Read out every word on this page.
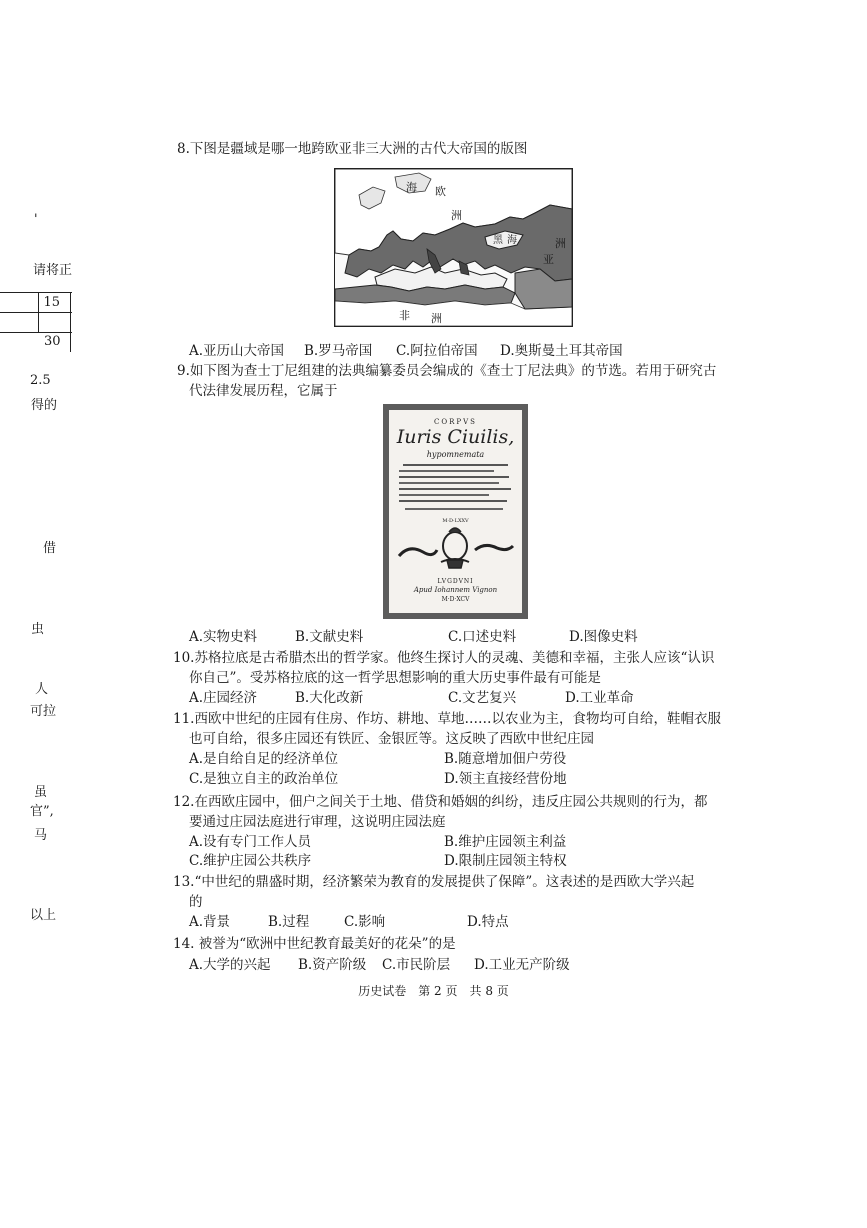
'
请将正
15
30
2.5
得的
借
虫
人
可拉
虽
官”,
马
以上
8.下图是疆域是哪一地跨欧亚非三大洲的古代大帝国的版图
海 欧
洲
黑 海
亚
洲
非 洲
A.亚历山大帝国 B.罗马帝国 C.阿拉伯帝国 D.奥斯曼土耳其帝国
9.如下图为查士丁尼组建的法典编纂委员会编成的《查士丁尼法典》的节选。若用于研究古
代法律发展历程，它属于
CORPVS
Iuris Ciuilis,
hypomnemata
M·D·LXXV
LVGDVNI
Apud Iohannem Vignon
M·D·XCV
A.实物史料	B.文献史料	C.口述史料	D.图像史料
10.苏格拉底是古希腊杰出的哲学家。他终生探讨人的灵魂、美德和幸福，主张人应该“认识
你自己”。受苏格拉底的这一哲学思想影响的重大历史事件最有可能是
A.庄园经济	B.大化改新	C.文艺复兴	D.工业革命
11.西欧中世纪的庄园有住房、作坊、耕地、草地……以农业为主，食物均可自给，鞋帽衣服
也可自给，很多庄园还有铁匠、金银匠等。这反映了西欧中世纪庄园
A.是自给自足的经济单位	B.随意增加佃户劳役
C.是独立自主的政治单位	D.领主直接经营份地
12.在西欧庄园中，佃户之间关于土地、借贷和婚姻的纠纷，违反庄园公共规则的行为，都
要通过庄园法庭进行审理，这说明庄园法庭
A.设有专门工作人员	B.维护庄园领主利益
C.维护庄园公共秩序	D.限制庄园领主特权
13.“中世纪的鼎盛时期，经济繁荣为教育的发展提供了保障”。这表述的是西欧大学兴起
的
A.背景	B.过程	C.影响	D.特点
14. 被誉为“欧洲中世纪教育最美好的花朵”的是
A.大学的兴起 B.资产阶级 C.市民阶层 D.工业无产阶级
历史试卷　第 2 页　共 8 页
